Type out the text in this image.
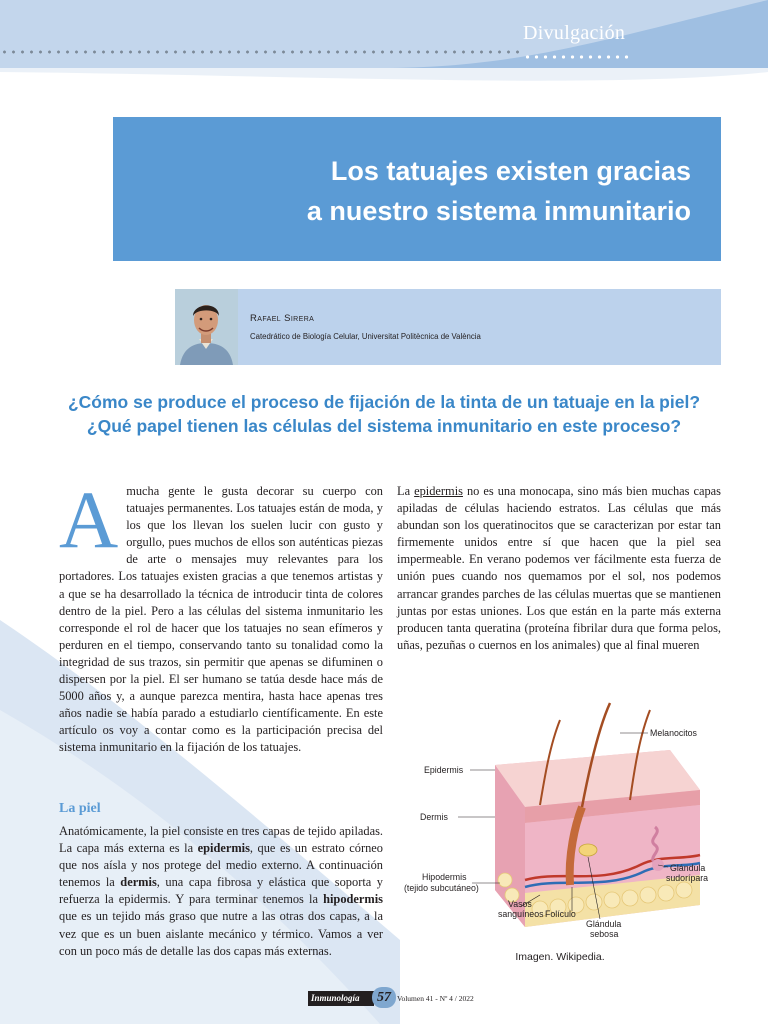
Divulgación
Los tatuajes existen gracias
a nuestro sistema inmunitario
Rafael Sirera
Catedrático de Biología Celular, Universitat Politècnica de València
¿Cómo se produce el proceso de fijación de la tinta de un tatuaje en la piel? ¿Qué papel tienen las células del sistema inmunitario en este proceso?
A mucha gente le gusta decorar su cuerpo con tatuajes permanentes. Los tatuajes están de moda, y los que los llevan los suelen lucir con gusto y orgullo, pues muchos de ellos son auténticas piezas de arte o mensajes muy relevantes para los portadores. Los tatuajes existen gracias a que tenemos artistas y a que se ha desarrollado la técnica de introducir tinta de colores dentro de la piel. Pero a las células del sistema inmunitario les corresponde el rol de hacer que los tatuajes no sean efímeros y perduren en el tiempo, conservando tanto su tonalidad como la integridad de sus trazos, sin permitir que apenas se difuminen o dispersen por la piel. El ser humano se tatúa desde hace más de 5000 años y, a aunque parezca mentira, hasta hace apenas tres años nadie se había parado a estudiarlo científicamente. En este artículo os voy a contar como es la participación precisa del sistema inmunitario en la fijación de los tatuajes.
La piel
Anatómicamente, la piel consiste en tres capas de tejido apiladas. La capa más externa es la epidermis, que es un estrato córneo que nos aísla y nos protege del medio externo. A continuación tenemos la dermis, una capa fibrosa y elástica que soporta y refuerza la epidermis. Y para terminar tenemos la hipodermis que es un tejido más graso que nutre a las otras dos capas, a la vez que es un buen aislante mecánico y térmico. Vamos a ver con un poco más de detalle las dos capas más externas.
La epidermis no es una monocapa, sino más bien muchas capas apiladas de células haciendo estratos. Las células que más abundan son los queratinocitos que se caracterizan por estar tan firmemente unidos entre sí que hacen que la piel sea impermeable. En verano podemos ver fácilmente esta fuerza de unión pues cuando nos quemamos por el sol, nos podemos arrancar grandes parches de las células muertas que se mantienen juntas por estas uniones. Los que están en la parte más externa producen tanta queratina (proteína fibrilar dura que forma pelos, uñas, pezuñas o cuernos en los animales) que al final mueren
Melanocitos
Epidermis
Dermis
Hipodermis
(tejido subcutáneo)
Vasos
sanguíneos Folículo
Glándula
sebosa
Glándula
sudorípara
Imagen. Wikipedia.
Inmunología	57 Volumen 41 - Nº 4 / 2022
